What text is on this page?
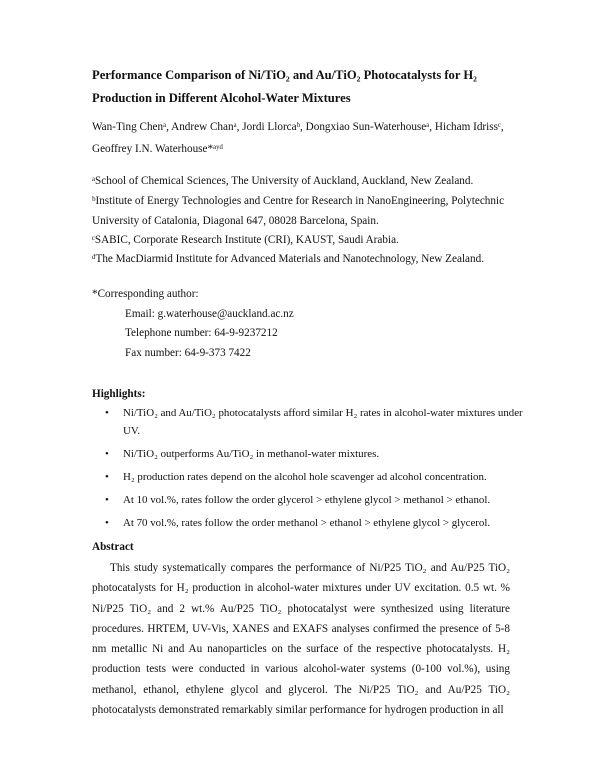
Performance Comparison of Ni/TiO₂ and Au/TiO₂ Photocatalysts for H₂ Production in Different Alcohol-Water Mixtures
Wan-Ting Chenᵃ, Andrew Chanᵃ, Jordi Llorcaᵇ, Dongxiao Sun-Waterhouseᵃ, Hicham Idrissᶜ,
Geoffrey I.N. Waterhouse*ᵃʸᵈ
ᵃSchool of Chemical Sciences, The University of Auckland, Auckland, New Zealand.
ᵇInstitute of Energy Technologies and Centre for Research in NanoEngineering, Polytechnic University of Catalonia, Diagonal 647, 08028 Barcelona, Spain.
ᶜSABIC, Corporate Research Institute (CRI), KAUST, Saudi Arabia.
ᵈThe MacDiarmid Institute for Advanced Materials and Nanotechnology, New Zealand.
*Corresponding author:
Email: g.waterhouse@auckland.ac.nz
Telephone number: 64-9-9237212
Fax number: 64-9-373 7422
Highlights:
• Ni/TiO₂ and Au/TiO₂ photocatalysts afford similar H₂ rates in alcohol-water mixtures under UV.
• Ni/TiO₂ outperforms Au/TiO₂ in methanol-water mixtures.
• H₂ production rates depend on the alcohol hole scavenger ad alcohol concentration.
• At 10 vol.%, rates follow the order glycerol > ethylene glycol > methanol > ethanol.
• At 70 vol.%, rates follow the order methanol > ethanol > ethylene glycol > glycerol.
Abstract
This study systematically compares the performance of Ni/P25 TiO₂ and Au/P25 TiO₂ photocatalysts for H₂ production in alcohol-water mixtures under UV excitation. 0.5 wt. % Ni/P25 TiO₂ and 2 wt.% Au/P25 TiO₂ photocatalyst were synthesized using literature procedures. HRTEM, UV-Vis, XANES and EXAFS analyses confirmed the presence of 5-8 nm metallic Ni and Au nanoparticles on the surface of the respective photocatalysts. H₂ production tests were conducted in various alcohol-water systems (0-100 vol.%), using methanol, ethanol, ethylene glycol and glycerol. The Ni/P25 TiO₂ and Au/P25 TiO₂ photocatalysts demonstrated remarkably similar performance for hydrogen production in all
